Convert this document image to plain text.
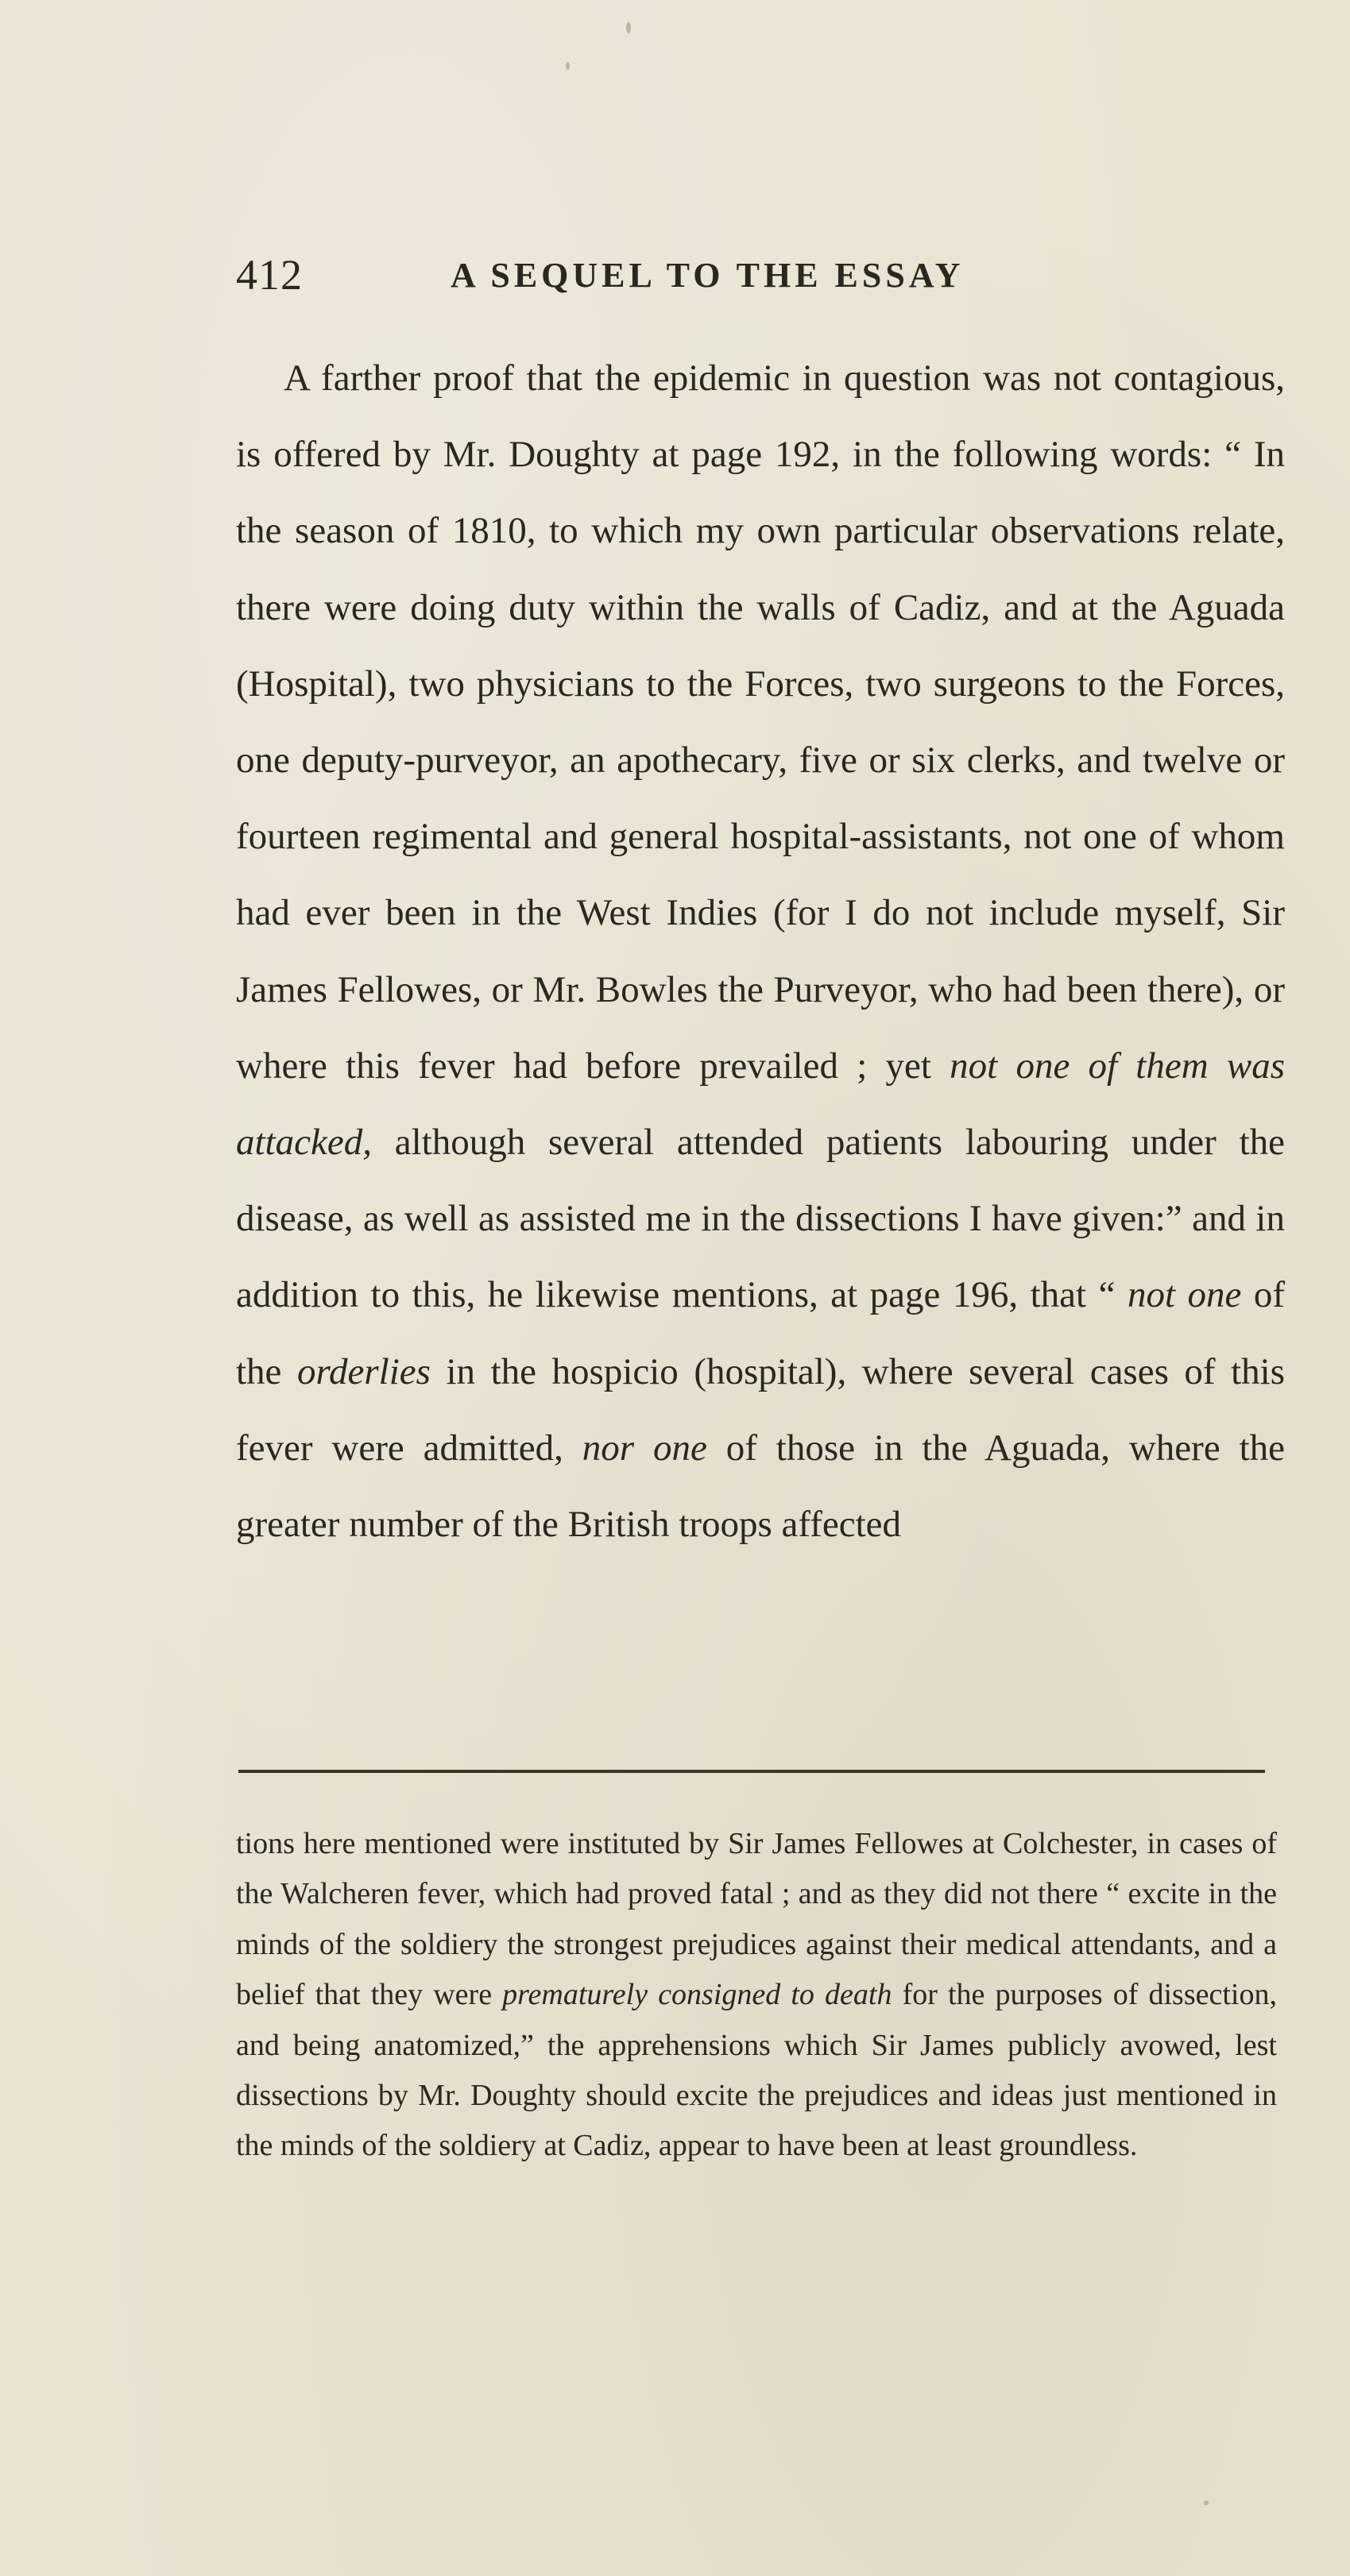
412	A SEQUEL TO THE ESSAY

A farther proof that the epidemic in question was not contagious, is offered by Mr. Doughty at page 192, in the following words: “ In the season of 1810, to which my own particular observations relate, there were doing duty within the walls of Cadiz, and at the Aguada (Hospital), two physicians to the Forces, two surgeons to the Forces, one deputy-purveyor, an apothecary, five or six clerks, and twelve or fourteen regimental and general hospital-assistants, not one of whom had ever been in the West Indies (for I do not include myself, Sir James Fellowes, or Mr. Bowles the Purveyor, who had been there), or where this fever had before prevailed ; yet not one of them was attacked, although several attended patients labouring under the disease, as well as assisted me in the dissections I have given:” and in addition to this, he likewise mentions, at page 196, that “ not one of the orderlies in the hospicio (hospital), where several cases of this fever were admitted, nor one of those in the Aguada, where the greater number of the British troops affected

tions here mentioned were instituted by Sir James Fellowes at Colchester, in cases of the Walcheren fever, which had proved fatal ; and as they did not there “ excite in the minds of the soldiery the strongest prejudices against their medical attendants, and a belief that they were prematurely consigned to death for the purposes of dissection, and being anatomized,” the apprehensions which Sir James publicly avowed, lest dissections by Mr. Doughty should excite the prejudices and ideas just mentioned in the minds of the soldiery at Cadiz, appear to have been at least groundless.
